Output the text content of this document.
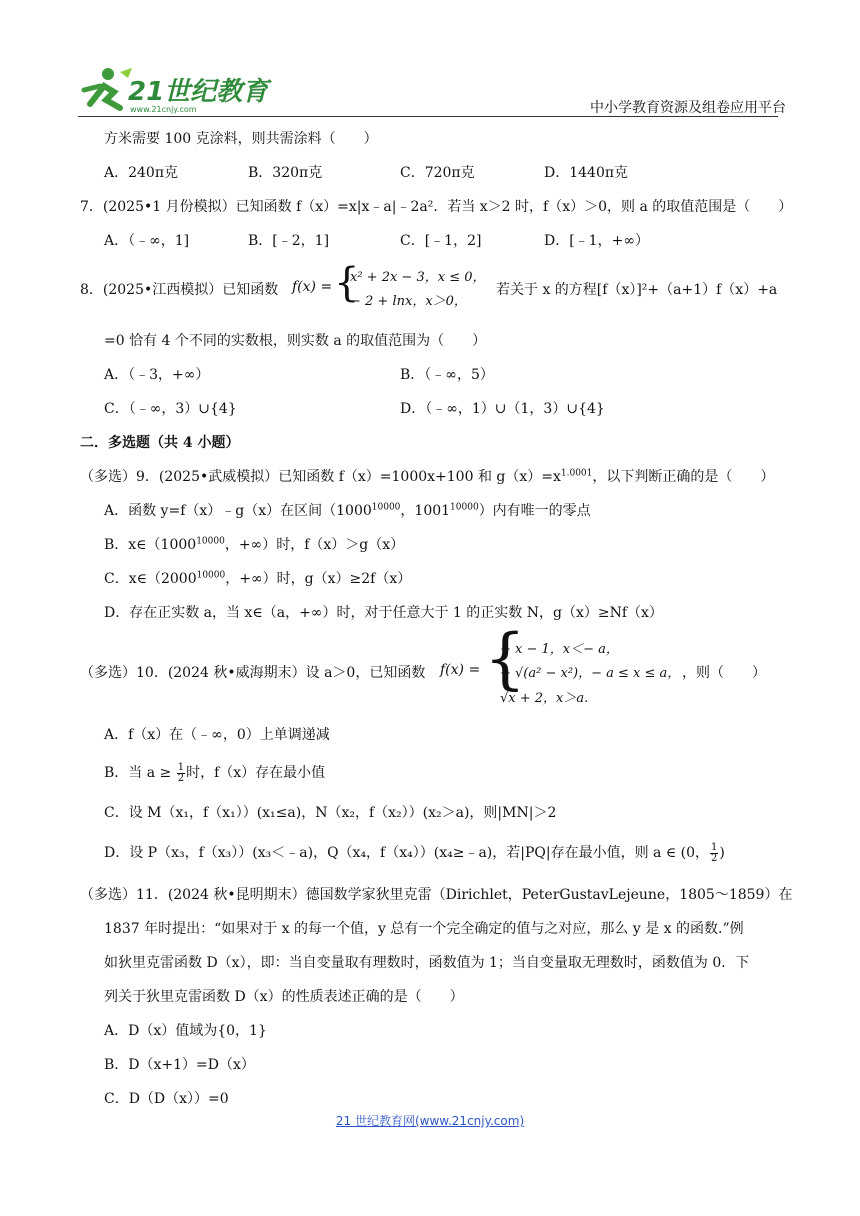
21世纪教育
www.21cnjy.com	中小学教育资源及组卷应用平台
方米需要 100 克涂料，则共需涂料（　　）
A．240π克	B．320π克	C．720π克	D．1440π克
7．(2025•1 月份模拟）已知函数 f（x）=x|x﹣a|﹣2a²．若当 x＞2 时，f（x）＞0，则 a 的取值范围是（　　）
A．（﹣∞，1]	B．[﹣2，1]	C．[﹣1，2]	D．[﹣1，+∞）
8．(2025•江西模拟）已知函数 f(x) = {
x² + 2x − 3，x ≤ 0，
− 2 + lnx，x＞0，
若关于 x 的方程[f（x）]²+（a+1）f（x）+a
=0 恰有 4 个不同的实数根，则实数 a 的取值范围为（　　）
A．（﹣3，+∞）	B．（﹣∞，5）
C．（﹣∞，3）∪{4}	D．（﹣∞，1）∪（1，3）∪{4}
二．多选题（共 4 小题）
（多选）9．(2025•武威模拟）已知函数 f（x）=1000x+100 和 $g(x)=x^{1.0001}$，以下判断正确的是（　　）
A．函数 y=f（x）﹣g（x）在区间（$1000^{10000}$，$1001^{10000}$）内有唯一的零点
B．$x\in(1000^{10000}$，+∞）时，f（x）＞g（x）
C．$x\in(2000^{10000}$，+∞）时，g（x）≥2f（x）
D．存在正实数 a，当 x∈（a，+∞）时，对于任意大于 1 的正实数 N，g（x）≥Nf（x）
（多选）10．(2024 秋•威海期末）设 a＞0，已知函数 f(x) = {
− x − 1，x＜− a，
− √(a² − x²)，− a ≤ x ≤ a，
√x + 2，x＞a.
，则（　　）
A．f（x）在（﹣∞，0）上单调递减
B．当 $a \ge \frac{1}{2}$ 时，f（x）存在最小值
C．设 M（x₁，f（x₁））(x₁≤a)，N（x₂，f（x₂））(x₂＞a)，则|MN|＞2
D．设 P（x₃，f（x₃））(x₃＜﹣a)，Q（x₄，f（x₄））(x₄≥﹣a)，若|PQ|存在最小值，则 a ∈ (0， $\frac{1}{2}$ )
（多选）11．(2024 秋•昆明期末）德国数学家狄里克雷（Dirichlet，PeterGustavLejeune，1805～1859）在
1837 年时提出：“如果对于 x 的每一个值，y 总有一个完全确定的值与之对应，那么 y 是 x 的函数.”例
如狄里克雷函数 D（x），即：当自变量取有理数时，函数值为 1；当自变量取无理数时，函数值为 0．下
列关于狄里克雷函数 D（x）的性质表述正确的是（　　）
A．D（x）值域为{0，1}
B．D（x+1）=D（x）
C．D（D（x））=0
21 世纪教育网(www.21cnjy.com)
